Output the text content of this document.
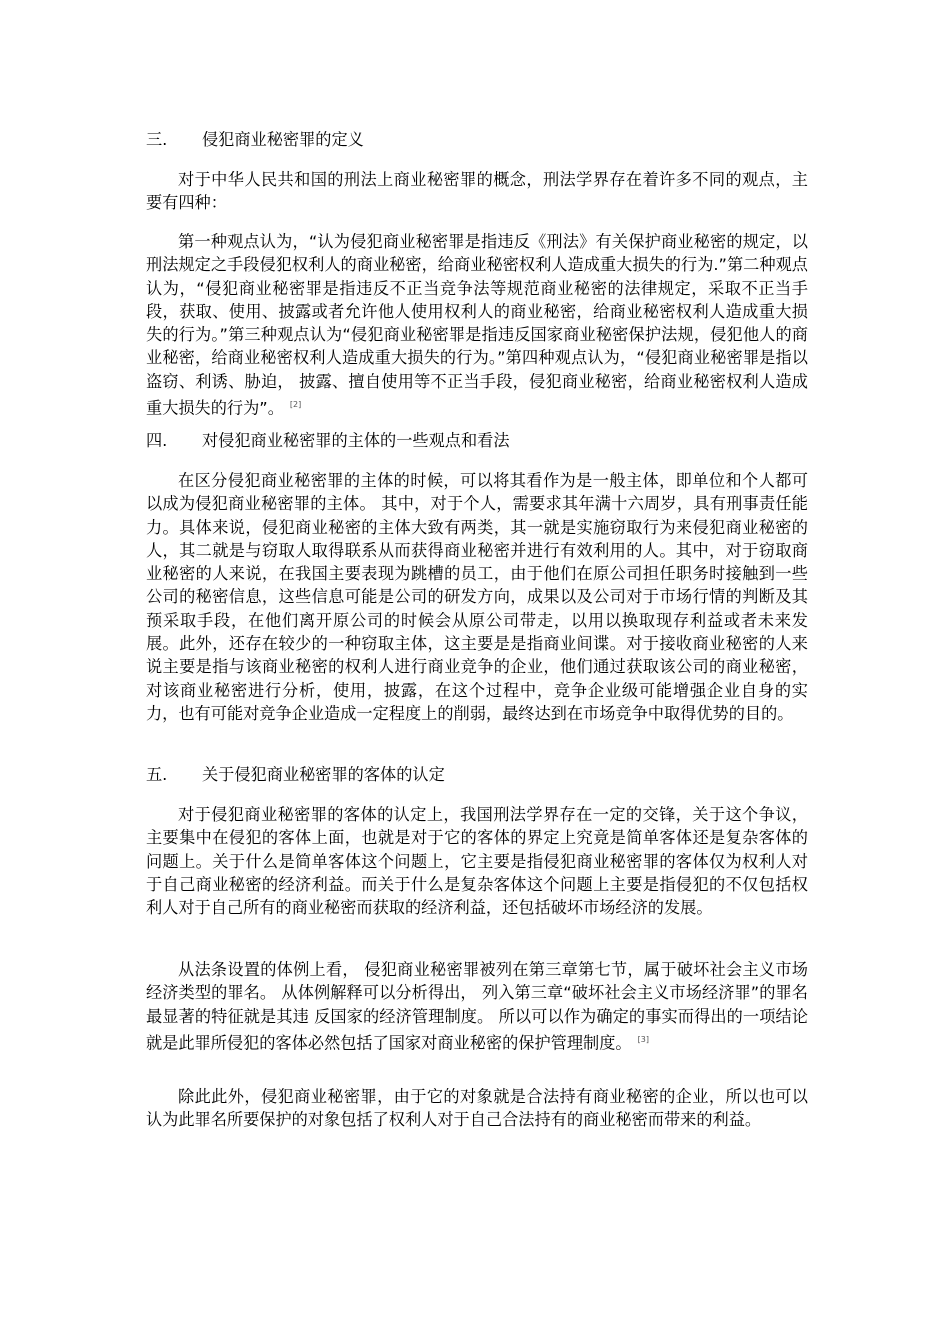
三. 侵犯商业秘密罪的定义

对于中华人民共和国的刑法上商业秘密罪的概念，刑法学界存在着许多不同的观点，主要有四种：

第一种观点认为，“认为侵犯商业秘密罪是指违反《刑法》有关保护商业秘密的规定，以刑法规定之手段侵犯权利人的商业秘密，给商业秘密权利人造成重大损失的行为.”第二种观点认为，“侵犯商业秘密罪是指违反不正当竞争法等规范商业秘密的法律规定，采取不正当手段，获取、使用、披露或者允许他人使用权利人的商业秘密，给商业秘密权利人造成重大损失的行为。”第三种观点认为“侵犯商业秘密罪是指违反国家商业秘密保护法规，侵犯他人的商业秘密，给商业秘密权利人造成重大损失的行为。”第四种观点认为，“侵犯商业秘密罪是指以盗窃、利诱、胁迫， 披露、擅自使用等不正当手段，侵犯商业秘密，给商业秘密权利人造成重大损失的行为”。 [2]

四. 对侵犯商业秘密罪的主体的一些观点和看法

在区分侵犯商业秘密罪的主体的时候，可以将其看作为是一般主体，即单位和个人都可以成为侵犯商业秘密罪的主体。 其中，对于个人，需要求其年满十六周岁，具有刑事责任能力。具体来说，侵犯商业秘密的主体大致有两类，其一就是实施窃取行为来侵犯商业秘密的人，其二就是与窃取人取得联系从而获得商业秘密并进行有效利用的人。其中，对于窃取商业秘密的人来说，在我国主要表现为跳槽的员工，由于他们在原公司担任职务时接触到一些公司的秘密信息，这些信息可能是公司的研发方向，成果以及公司对于市场行情的判断及其预采取手段，在他们离开原公司的时候会从原公司带走，以用以换取现存利益或者未来发展。此外，还存在较少的一种窃取主体，这主要是是指商业间谍。对于接收商业秘密的人来说主要是指与该商业秘密的权利人进行商业竞争的企业，他们通过获取该公司的商业秘密，对该商业秘密进行分析，使用，披露，在这个过程中，竞争企业级可能增强企业自身的实力，也有可能对竞争企业造成一定程度上的削弱，最终达到在市场竞争中取得优势的目的。

五. 关于侵犯商业秘密罪的客体的认定

对于侵犯商业秘密罪的客体的认定上，我国刑法学界存在一定的交锋，关于这个争议，主要集中在侵犯的客体上面，也就是对于它的客体的界定上究竟是简单客体还是复杂客体的问题上。关于什么是简单客体这个问题上，它主要是指侵犯商业秘密罪的客体仅为权利人对于自己商业秘密的经济利益。而关于什么是复杂客体这个问题上主要是指侵犯的不仅包括权利人对于自己所有的商业秘密而获取的经济利益，还包括破坏市场经济的发展。

从法条设置的体例上看， 侵犯商业秘密罪被列在第三章第七节，属于破坏社会主义市场经济类型的罪名。 从体例解释可以分析得出， 列入第三章“破坏社会主义市场经济罪”的罪名最显著的特征就是其违 反国家的经济管理制度。 所以可以作为确定的事实而得出的一项结论就是此罪所侵犯的客体必然包括了国家对商业秘密的保护管理制度。 [3]

除此此外，侵犯商业秘密罪，由于它的对象就是合法持有商业秘密的企业，所以也可以认为此罪名所要保护的对象包括了权利人对于自己合法持有的商业秘密而带来的利益。
